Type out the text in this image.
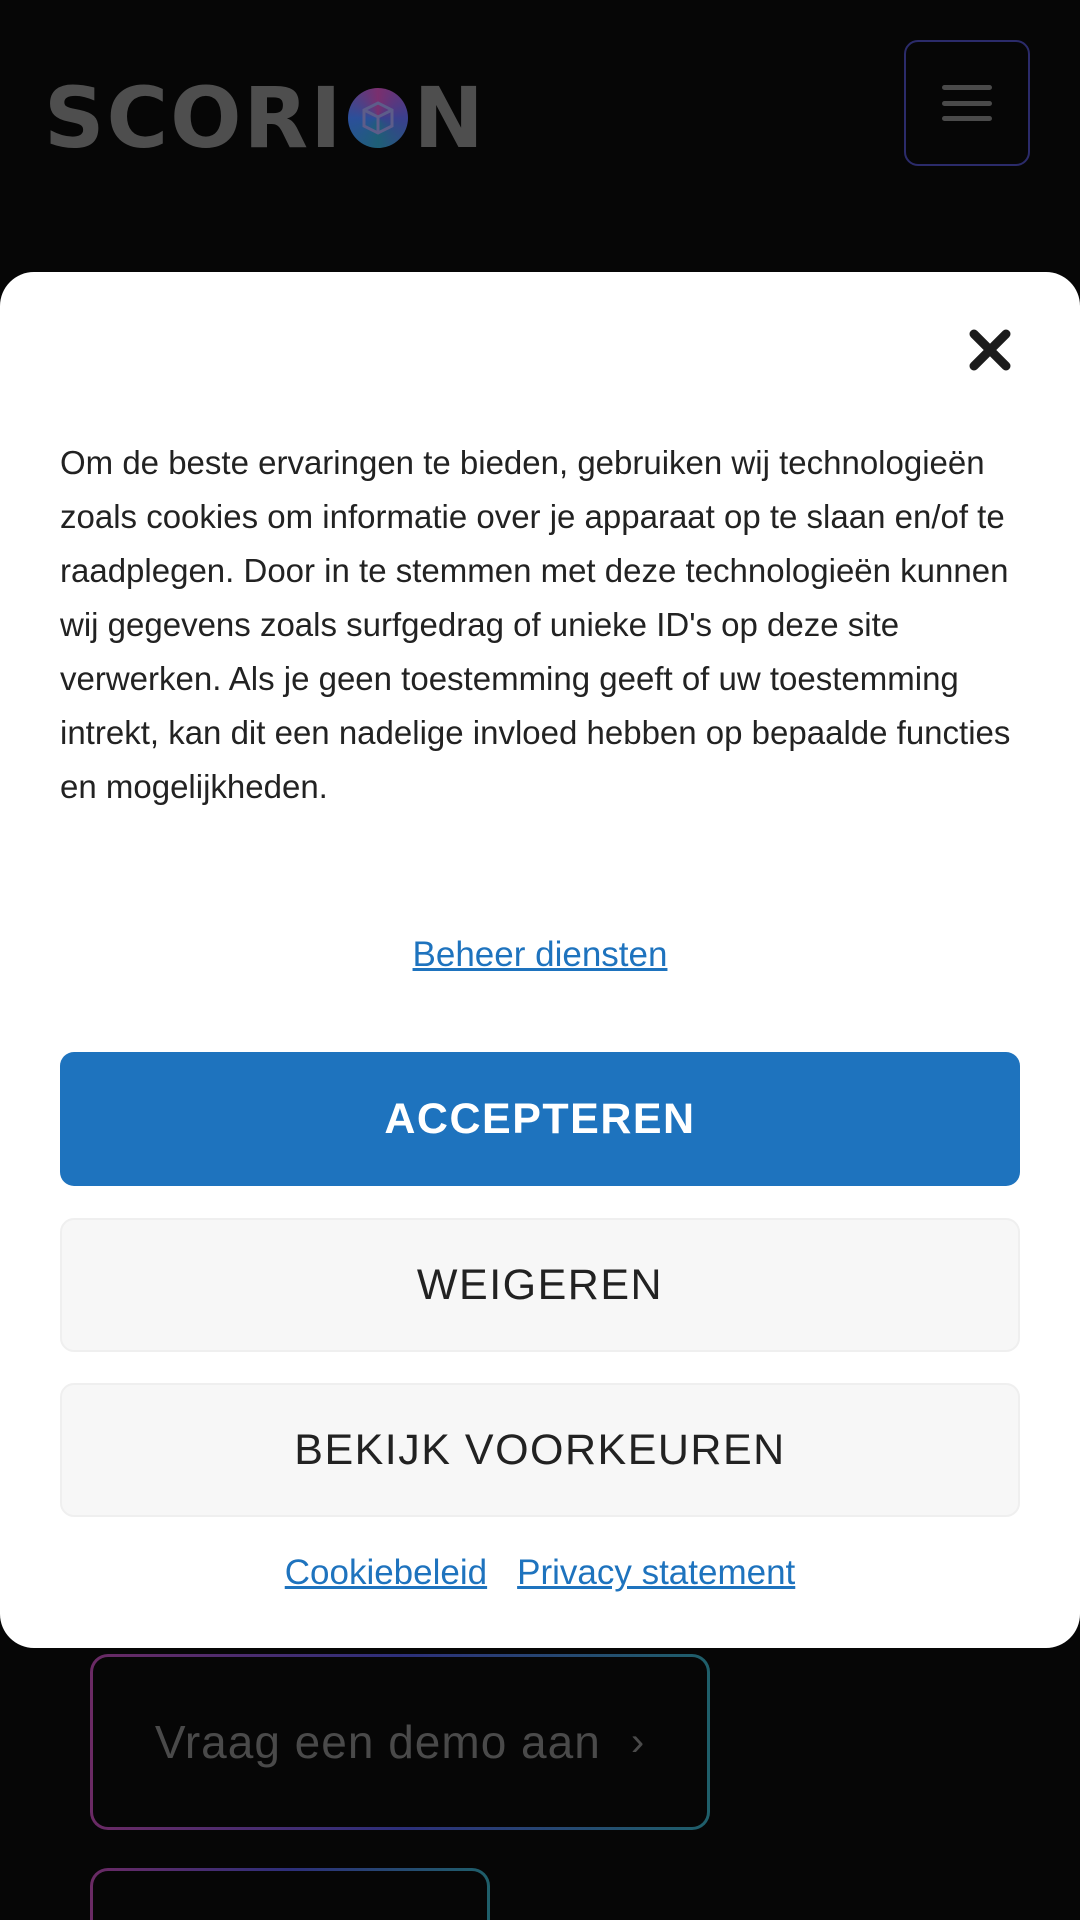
SCORI N
Vraag een demo aan ›

Om de beste ervaringen te bieden, gebruiken wij technologieën zoals cookies om informatie over je apparaat op te slaan en/of te raadplegen. Door in te stemmen met deze technologieën kunnen wij gegevens zoals surfgedrag of unieke ID's op deze site verwerken. Als je geen toestemming geeft of uw toestemming intrekt, kan dit een nadelige invloed hebben op bepaalde functies en mogelijkheden.

Beheer diensten
ACCEPTEREN
WEIGEREN
BEKIJK VOORKEUREN
Cookiebeleid Privacy statement
